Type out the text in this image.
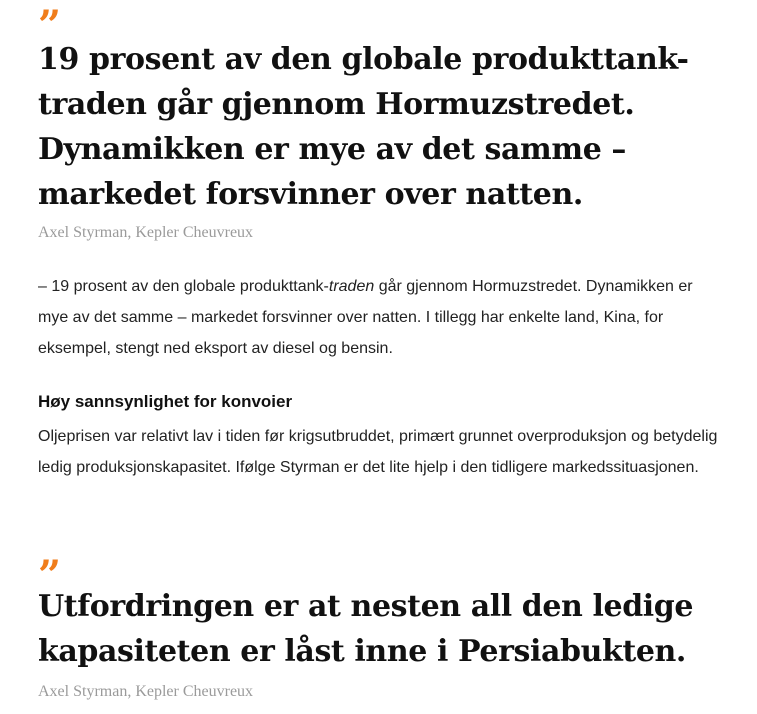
”

19 prosent av den globale produkttank-traden går gjennom Hormuzstredet. Dynamikken er mye av det samme – markedet forsvinner over natten.

Axel Styrman, Kepler Cheuvreux

– 19 prosent av den globale produkttank-traden går gjennom Hormuzstredet. Dynamikken er mye av det samme – markedet forsvinner over natten. I tillegg har enkelte land, Kina, for eksempel, stengt ned eksport av diesel og bensin.

Høy sannsynlighet for konvoier

Oljeprisen var relativt lav i tiden før krigsutbruddet, primært grunnet overproduksjon og betydelig ledig produksjonskapasitet. Ifølge Styrman er det lite hjelp i den tidligere markedssituasjonen.

”

Utfordringen er at nesten all den ledige kapasiteten er låst inne i Persiabukten.

Axel Styrman, Kepler Cheuvreux
